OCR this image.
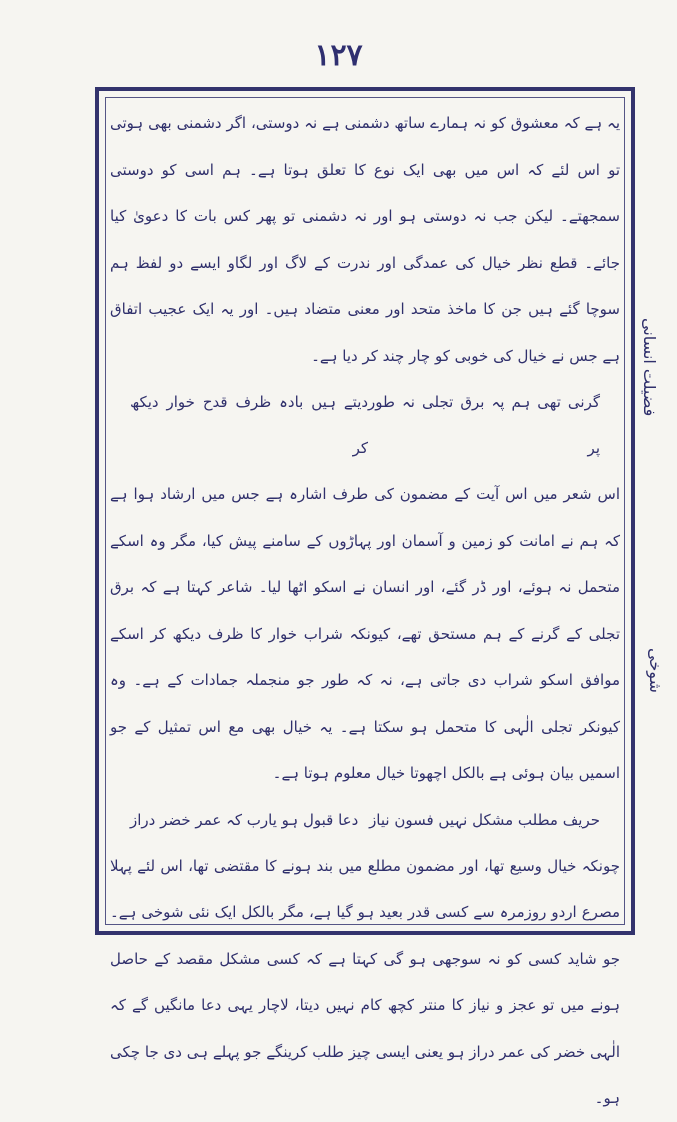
۱۲۷

یہ ہے کہ معشوق کو نہ ہمارے ساتھ دشمنی ہے نہ دوستی، اگر دشمنی بھی ہوتی تو اس لئے کہ اس میں بھی ایک نوع کا تعلق ہوتا ہے۔ ہم اسی کو دوستی سمجھتے۔ لیکن جب نہ دوستی ہو اور نہ دشمنی تو پھر کس بات کا دعویٰ کیا جائے۔ قطع نظر خیال کی عمدگی اور ندرت کے لاگ اور لگاو ایسے دو لفظ ہم سوچا گئے ہیں جن کا ماخذ متحد اور معنی متضاد ہیں۔ اور یہ ایک عجیب اتفاق ہے جس نے خیال کی خوبی کو چار چند کر دیا ہے۔

گرنی تھی ہم پہ برق تجلی نہ طور پر
دیتے ہیں بادہ ظرف قدح خوار دیکھ کر

اس شعر میں اس آیت کے مضمون کی طرف اشارہ ہے جس میں ارشاد ہوا ہے کہ ہم نے امانت کو زمین و آسمان اور پہاڑوں کے سامنے پیش کیا، مگر وہ اسکے متحمل نہ ہوئے، اور ڈر گئے، اور انسان نے اسکو اٹھا لیا۔ شاعر کہتا ہے کہ برق تجلی کے گرنے کے ہم مستحق تھے، کیونکہ شراب خوار کا ظرف دیکھ کر اسکے موافق اسکو شراب دی جاتی ہے، نہ کہ طور جو منجملہ جمادات کے ہے۔ وہ کیونکر تجلی الٰہی کا متحمل ہو سکتا ہے۔ یہ خیال بھی مع اس تمثیل کے جو اسمیں بیان ہوئی ہے بالکل اچھوتا خیال معلوم ہوتا ہے۔

حریف مطلب مشکل نہیں فسون نیاز
دعا قبول ہو یارب کہ عمر خضر دراز

چونکہ خیال وسیع تھا، اور مضمون مطلع میں بند ہونے کا مقتضی تھا، اس لئے پہلا مصرع اردو روزمرہ سے کسی قدر بعید ہو گیا ہے، مگر بالکل ایک نئی شوخی ہے۔ جو شاید کسی کو نہ سوجھی ہو گی کہتا ہے کہ کسی مشکل مقصد کے حاصل ہونے میں تو عجز و نیاز کا منتر کچھ کام نہیں دیتا، لاچار یہی دعا مانگیں گے کہ الٰہی خضر کی عمر دراز ہو یعنی ایسی چیز طلب کرینگے جو پہلے ہی دی جا چکی ہو۔

فضیلت انسانی
شوخی
